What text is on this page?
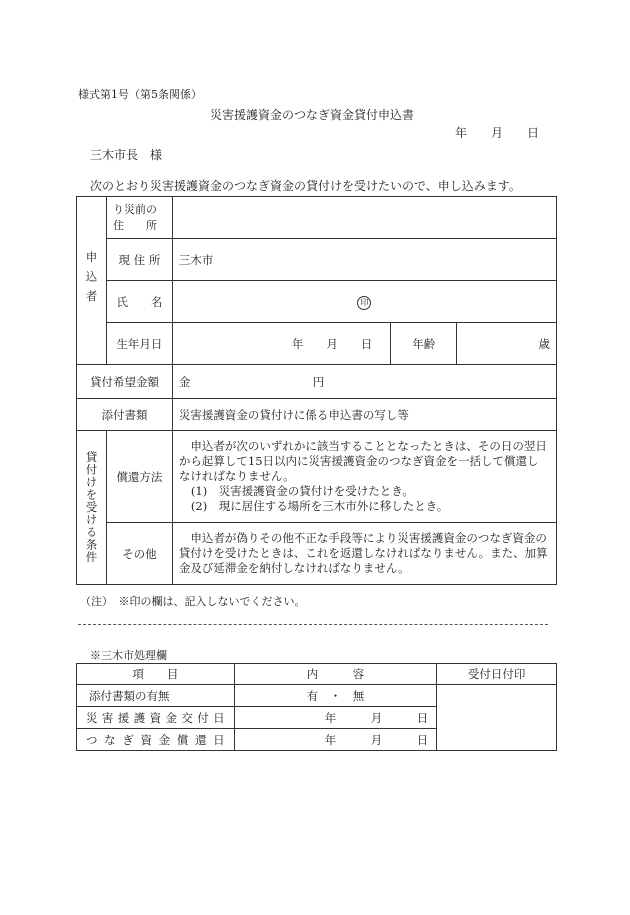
様式第1号（第5条関係）
災害援護資金のつなぎ資金貸付申込書
年　　月　　日
三木市長　様
次のとおり災害援護資金のつなぎ資金の貸付けを受けたいので、申し込みます。
申込者	り災前の住　　所			

	現 住 所	三木市		
	氏　　名	印		
	生年月日	年　　月　　日	年齢	歳
貸付希望金額		金 円		
添付書類		災害援護資金の貸付けに係る申込書の写し等		

貸付けを受ける条件	償還方法	　申込者が次のいずれかに該当することとなったときは、その日の翌日から起算して15日以内に災害援護資金のつなぎ資金を一括して償還しなければなりません。
(1)　災害援護資金の貸付けを受けたとき。
(2)　現に居住する場所を三木市外に移したとき。		

	その他	　申込者が偽りその他不正な手段等により災害援護資金のつなぎ資金の貸付けを受けたときは、これを返還しなければなりません。また、加算金及び延滞金を納付しなければなりません。		
（注）　※印の欄は、記入しないでください。
※三木市処理欄
項　　目	内　　　容	受付日付印

添付書類の有無	有　・　無	

災害援護資金交付日	年　　　月　　　日	

つなぎ資金償還日	年　　　月　　　日	
